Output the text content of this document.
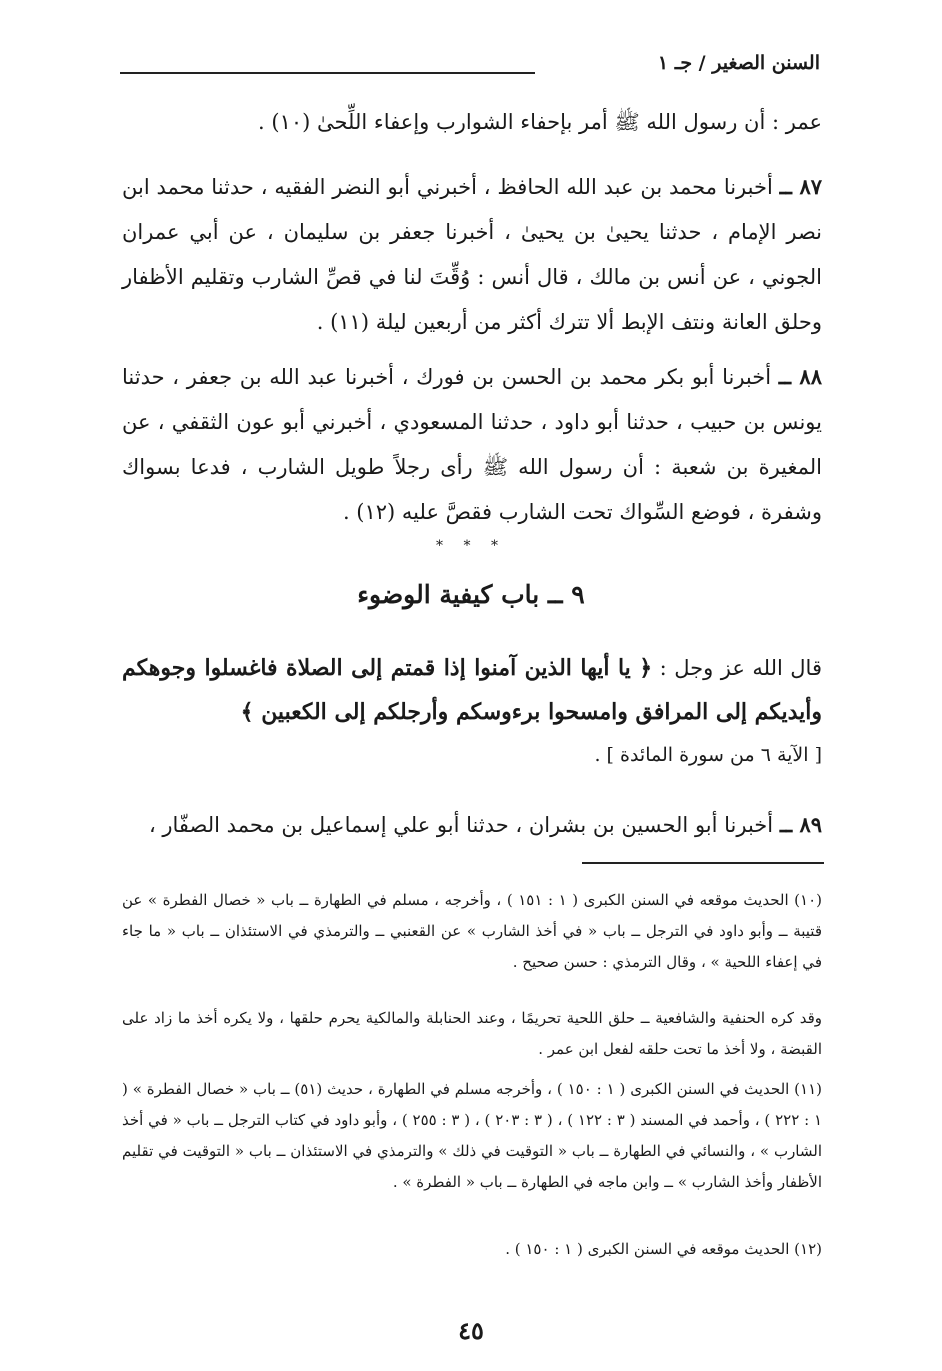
السنن الصغير / جـ ١
عمر : أن رسول الله ﷺ أمر بإحفاء الشوارب وإعفاء اللِّحىٰ (١٠) .
٨٧ ــ أخبرنا محمد بن عبد الله الحافظ ، أخبرني أبو النضر الفقيه ، حدثنا محمد ابن نصر الإمام ، حدثنا يحيىٰ بن يحيىٰ ، أخبرنا جعفر بن سليمان ، عن أبي عمران الجوني ، عن أنس بن مالك ، قال أنس : وُقِّتَ لنا في قصِّ الشارب وتقليم الأظفار وحلق العانة ونتف الإبط ألا تترك أكثر من أربعين ليلة (١١) .
٨٨ ــ أخبرنا أبو بكر محمد بن الحسن بن فورك ، أخبرنا عبد الله بن جعفر ، حدثنا يونس بن حبيب ، حدثنا أبو داود ، حدثنا المسعودي ، أخبرني أبو عون الثقفي ، عن المغيرة بن شعبة : أن رسول الله ﷺ رأى رجلاً طويل الشارب ، فدعا بسواك وشفرة ، فوضع السِّواك تحت الشارب فقصَّ عليه (١٢) .
* * *
٩ ــ باب كيفية الوضوء
قال الله عز وجل : ﴿ يا أيها الذين آمنوا إذا قمتم إلى الصلاة فاغسلوا وجوهكم وأيديكم إلى المرافق وامسحوا برءوسكم وأرجلكم إلى الكعبين ﴾
[ الآية ٦ من سورة المائدة ] .
٨٩ ــ أخبرنا أبو الحسين بن بشران ، حدثنا أبو علي إسماعيل بن محمد الصفّار ،
(١٠) الحديث موقعه في السنن الكبرى ( ١ : ١٥١ ) ، وأخرجه ، مسلم في الطهارة ــ باب « خصال الفطرة » عن قتيبة ــ وأبو داود في الترجل ــ باب « في أخذ الشارب » عن القعنبي ــ والترمذي في الاستئذان ــ باب « ما جاء في إعفاء اللحية » ، وقال الترمذي : حسن صحيح .
وقد كره الحنفية والشافعية ــ حلق اللحية تحريمًا ، وعند الحنابلة والمالكية يحرم حلقها ، ولا يكره أخذ ما زاد على القبضة ، ولا أخذ ما تحت حلقه لفعل ابن عمر .
(١١) الحديث في السنن الكبرى ( ١ : ١٥٠ ) ، وأخرجه مسلم في الطهارة ، حديث (٥١) ــ باب « خصال الفطرة » ( ١ : ٢٢٢ ) ، وأحمد في المسند ( ٣ : ١٢٢ ) ، ( ٣ : ٢٠٣ ) ، ( ٣ : ٢٥٥ ) ، وأبو داود في كتاب الترجل ــ باب « في أخذ الشارب » ، والنسائي في الطهارة ــ باب « التوقيت في ذلك » والترمذي في الاستئذان ــ باب « التوقيت في تقليم الأظفار وأخذ الشارب » ــ وابن ماجه في الطهارة ــ باب « الفطرة » .
(١٢) الحديث موقعه في السنن الكبرى ( ١ : ١٥٠ ) .
٤٥
